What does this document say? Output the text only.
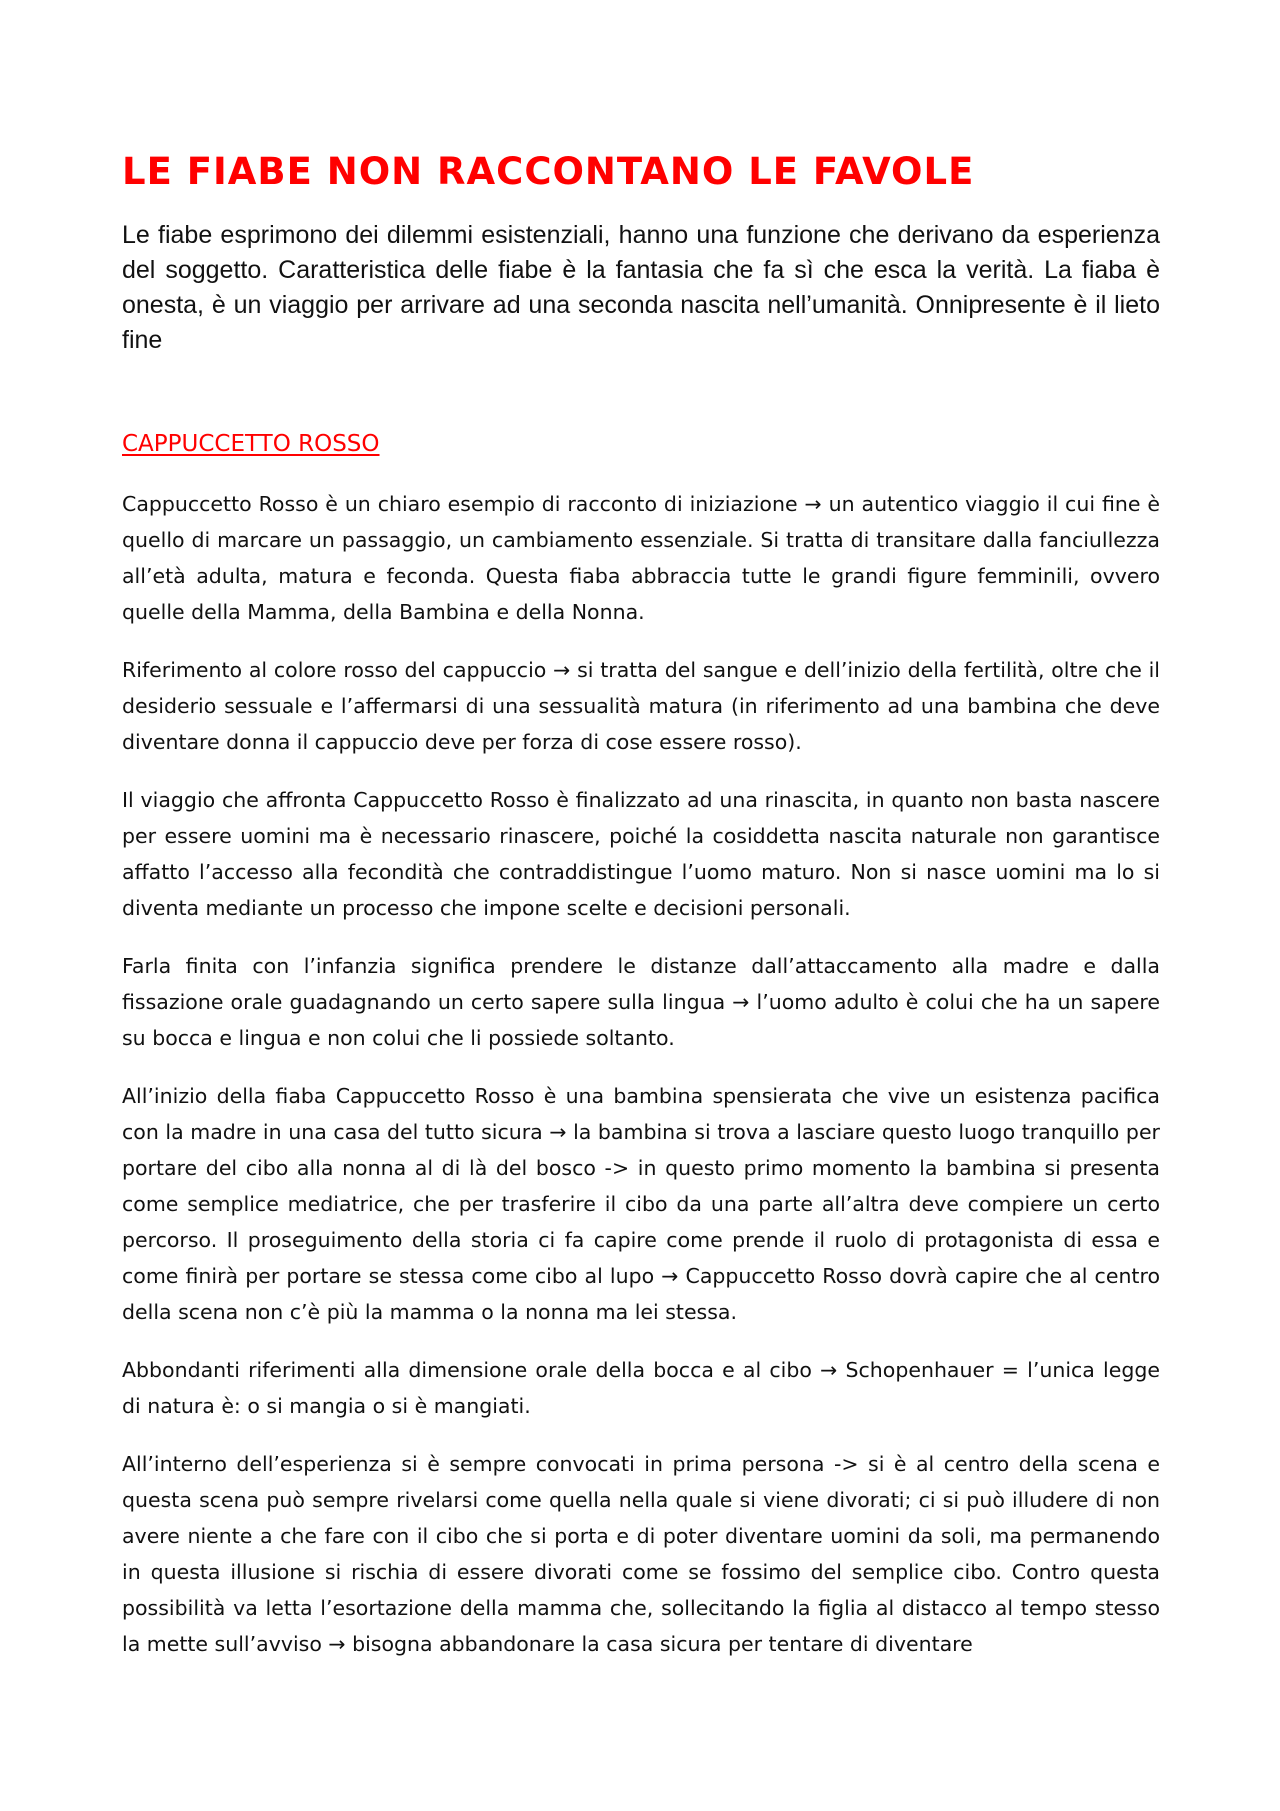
LE FIABE NON RACCONTANO LE FAVOLE

Le fiabe esprimono dei dilemmi esistenziali, hanno una funzione che derivano da esperienza del soggetto. Caratteristica delle fiabe è la fantasia che fa sì che esca la verità. La fiaba è onesta, è un viaggio per arrivare ad una seconda nascita nell’umanità. Onnipresente è il lieto fine

CAPPUCCETTO ROSSO

Cappuccetto Rosso è un chiaro esempio di racconto di iniziazione → un autentico viaggio il cui fine è quello di marcare un passaggio, un cambiamento essenziale. Si tratta di transitare dalla fanciullezza all’età adulta, matura e feconda. Questa fiaba abbraccia tutte le grandi figure femminili, ovvero quelle della Mamma, della Bambina e della Nonna.

Riferimento al colore rosso del cappuccio → si tratta del sangue e dell’inizio della fertilità, oltre che il desiderio sessuale e l’affermarsi di una sessualità matura (in riferimento ad una bambina che deve diventare donna il cappuccio deve per forza di cose essere rosso).

Il viaggio che affronta Cappuccetto Rosso è finalizzato ad una rinascita, in quanto non basta nascere per essere uomini ma è necessario rinascere, poiché la cosiddetta nascita naturale non garantisce affatto l’accesso alla fecondità che contraddistingue l’uomo maturo. Non si nasce uomini ma lo si diventa mediante un processo che impone scelte e decisioni personali.

Farla finita con l’infanzia significa prendere le distanze dall’attaccamento alla madre e dalla fissazione orale guadagnando un certo sapere sulla lingua → l’uomo adulto è colui che ha un sapere su bocca e lingua e non colui che li possiede soltanto.

All’inizio della fiaba Cappuccetto Rosso è una bambina spensierata che vive un esistenza pacifica con la madre in una casa del tutto sicura → la bambina si trova a lasciare questo luogo tranquillo per portare del cibo alla nonna al di là del bosco -> in questo primo momento la bambina si presenta come semplice mediatrice, che per trasferire il cibo da una parte all’altra deve compiere un certo percorso. Il proseguimento della storia ci fa capire come prende il ruolo di protagonista di essa e come finirà per portare se stessa come cibo al lupo → Cappuccetto Rosso dovrà capire che al centro della scena non c’è più la mamma o la nonna ma lei stessa.

Abbondanti riferimenti alla dimensione orale della bocca e al cibo → Schopenhauer = l’unica legge di natura è: o si mangia o si è mangiati.

All’interno dell’esperienza si è sempre convocati in prima persona -> si è al centro della scena e questa scena può sempre rivelarsi come quella nella quale si viene divorati; ci si può illudere di non avere niente a che fare con il cibo che si porta e di poter diventare uomini da soli, ma permanendo in questa illusione si rischia di essere divorati come se fossimo del semplice cibo. Contro questa possibilità va letta l’esortazione della mamma che, sollecitando la figlia al distacco al tempo stesso la mette sull’avviso → bisogna abbandonare la casa sicura per tentare di diventare
